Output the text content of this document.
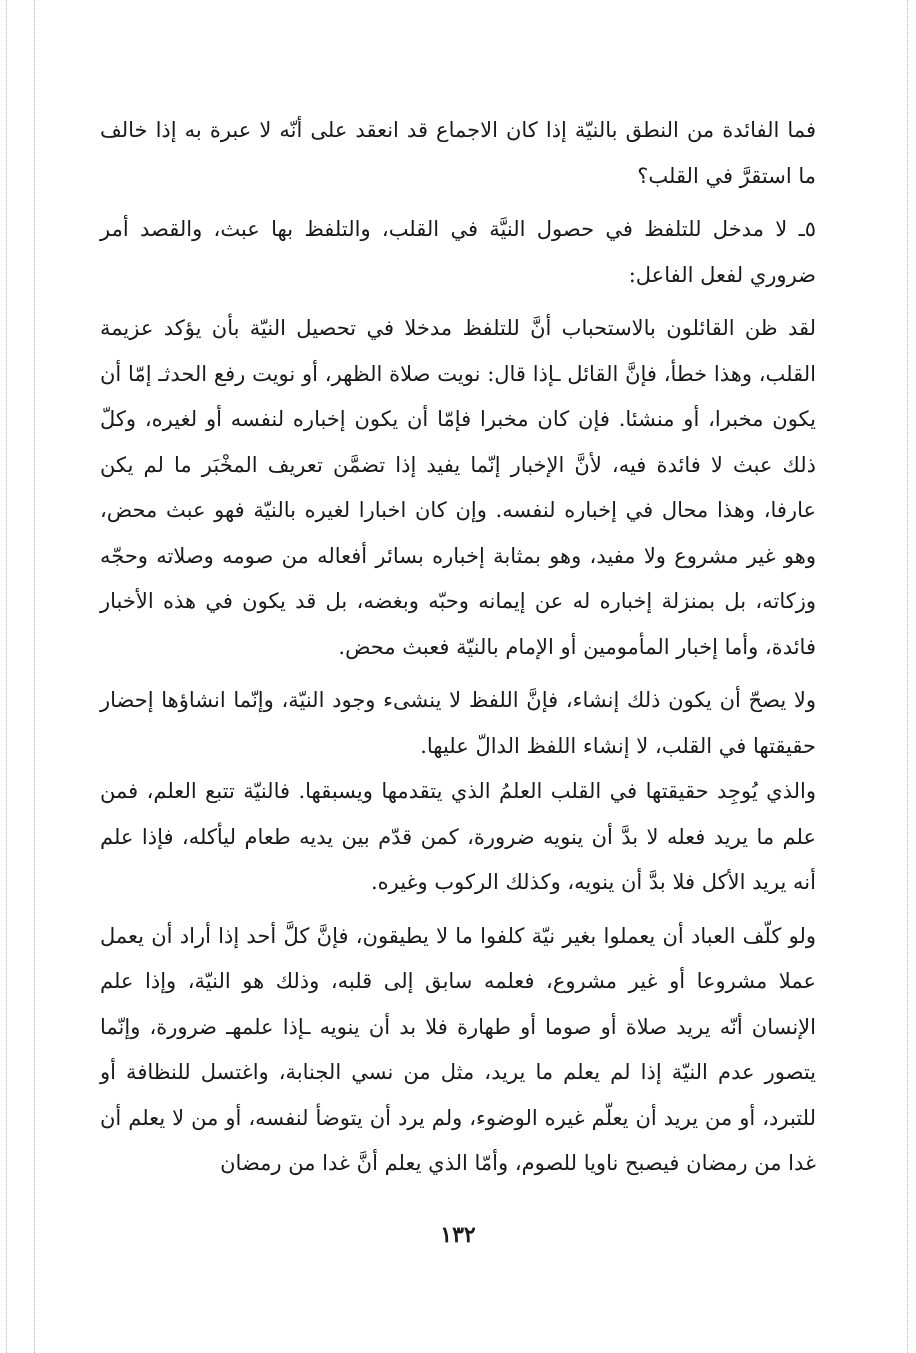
فما الفائدة من النطق بالنيّة إذا كان الاجماع قد انعقد على أنّه لا عبرة به إذا خالف ما استقرَّ في القلب؟

٥ـ لا مدخل للتلفظ في حصول النيَّة في القلب، والتلفظ بها عبث، والقصد أمر ضروري لفعل الفاعل:

لقد ظن القائلون بالاستحباب أنَّ للتلفظ مدخلا في تحصيل النيّة بأن يؤكد عزيمة القلب، وهذا خطأ، فإنَّ القائل ـإذا قال: نويت صلاة الظهر، أو نويت رفع الحدثـ إمّا أن يكون مخبرا، أو منشئا. فإن كان مخبرا فإمّا أن يكون إخباره لنفسه أو لغيره، وكلّ ذلك عبث لا فائدة فيه، لأنَّ الإخبار إنّما يفيد إذا تضمَّن تعريف المخْبَر ما لم يكن عارفا، وهذا محال في إخباره لنفسه. وإن كان اخبارا لغيره بالنيّة فهو عبث محض، وهو غير مشروع ولا مفيد، وهو بمثابة إخباره بسائر أفعاله من صومه وصلاته وحجّه وزكاته، بل بمنزلة إخباره له عن إيمانه وحبّه وبغضه، بل قد يكون في هذه الأخبار فائدة، وأما إخبار المأمومين أو الإمام بالنيّة فعبث محض.

ولا يصحّ أن يكون ذلك إنشاء، فإنَّ اللفظ لا ينشىء وجود النيّة، وإنّما انشاؤها إحضار حقيقتها في القلب، لا إنشاء اللفظ الدالّ عليها.

والذي يُوجِد حقيقتها في القلب العلمُ الذي يتقدمها ويسبقها. فالنيّة تتبع العلم، فمن علم ما يريد فعله لا بدَّ أن ينويه ضرورة، كمن قدّم بين يديه طعام ليأكله، فإذا علم أنه يريد الأكل فلا بدَّ أن ينويه، وكذلك الركوب وغيره.

ولو كلّف العباد أن يعملوا بغير نيّة كلفوا ما لا يطيقون، فإنَّ كلَّ أحد إذا أراد أن يعمل عملا مشروعا أو غير مشروع، فعلمه سابق إلى قلبه، وذلك هو النيّة، وإذا علم الإنسان أنّه يريد صلاة أو صوما أو طهارة فلا بد أن ينويه ـإذا علمهـ ضرورة، وإنّما يتصور عدم النيّة إذا لم يعلم ما يريد، مثل من نسي الجنابة، واغتسل للنظافة أو للتبرد، أو من يريد أن يعلّم غيره الوضوء، ولم يرد أن يتوضأ لنفسه، أو من لا يعلم أن غدا من رمضان فيصبح ناويا للصوم، وأمّا الذي يعلم أنَّ غدا من رمضان

١٣٢
